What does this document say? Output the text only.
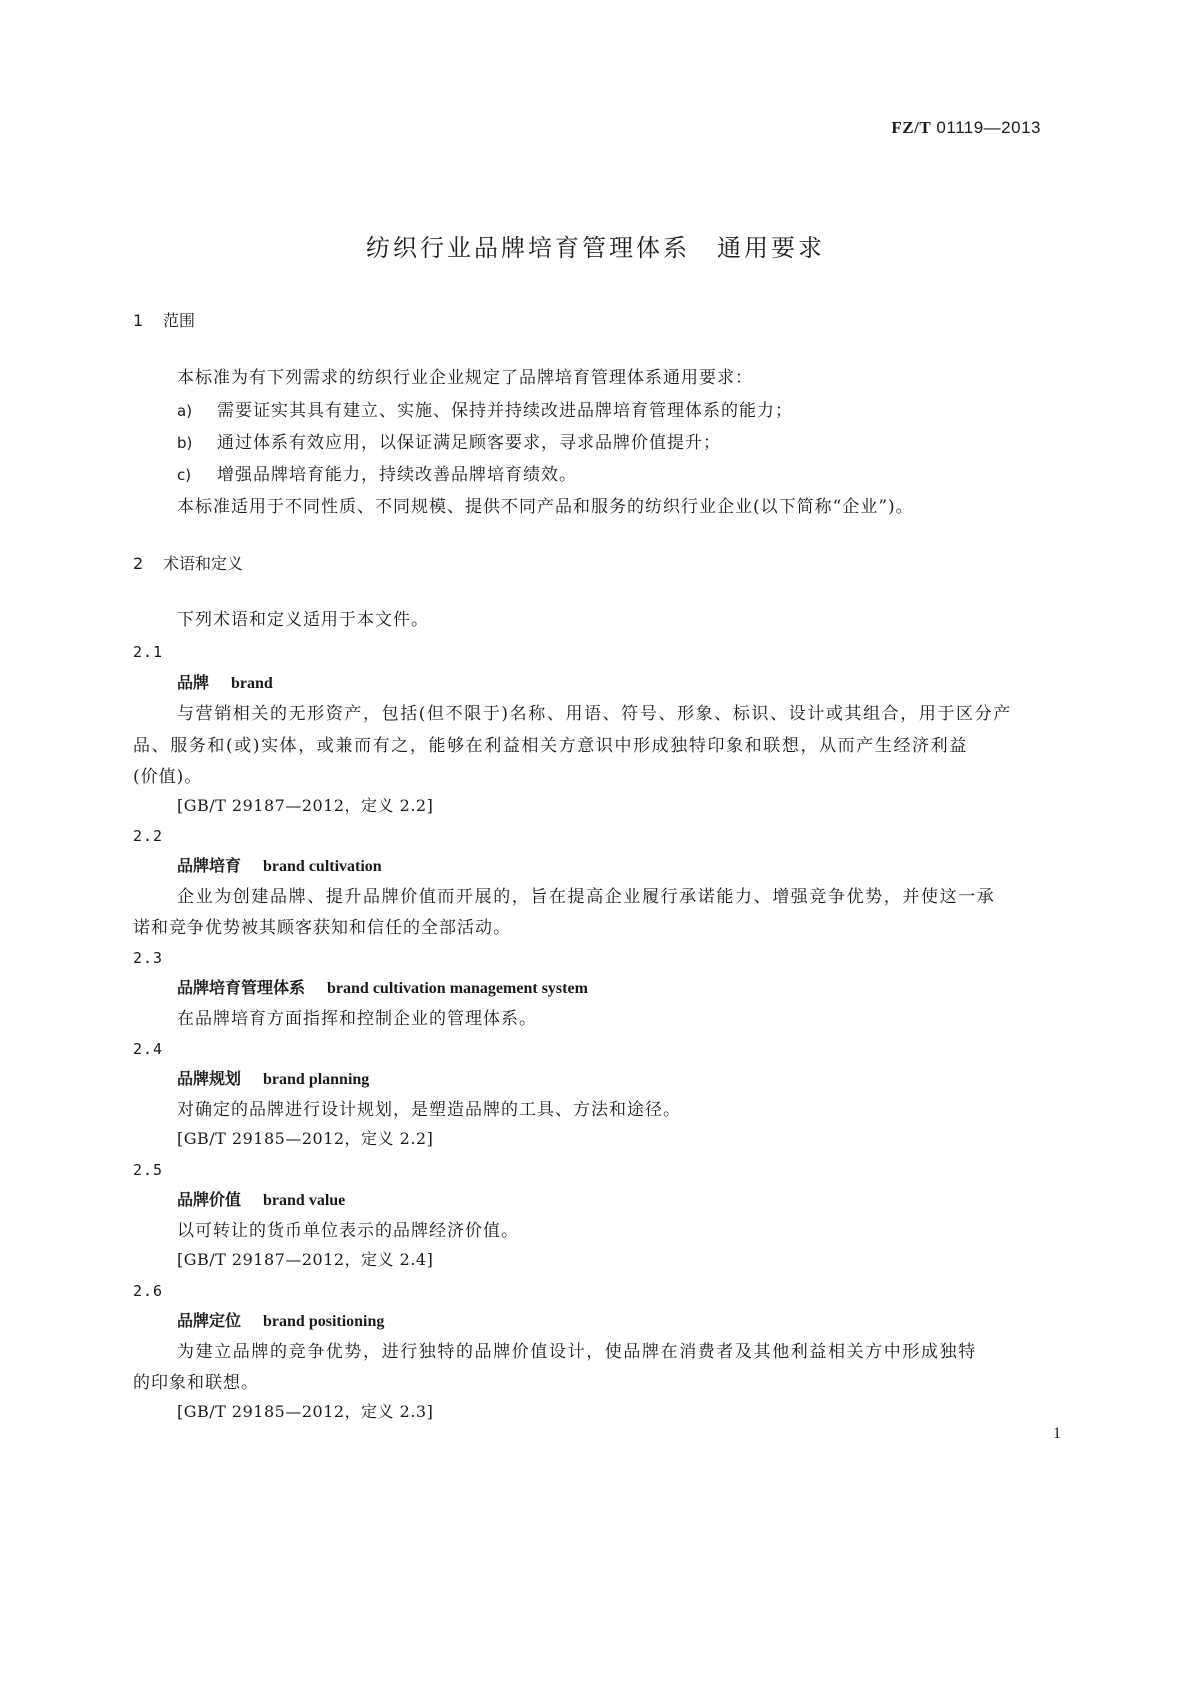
FZ/T 01119—2013
纺织行业品牌培育管理体系　通用要求
1 范围
本标准为有下列需求的纺织行业企业规定了品牌培育管理体系通用要求：
a) 需要证实其具有建立、实施、保持并持续改进品牌培育管理体系的能力；
b) 通过体系有效应用，以保证满足顾客要求，寻求品牌价值提升；
c) 增强品牌培育能力，持续改善品牌培育绩效。
本标准适用于不同性质、不同规模、提供不同产品和服务的纺织行业企业(以下简称“企业”)。
2 术语和定义
下列术语和定义适用于本文件。
2.1
品牌 brand
与营销相关的无形资产，包括(但不限于)名称、用语、符号、形象、标识、设计或其组合，用于区分产
品、服务和(或)实体，或兼而有之，能够在利益相关方意识中形成独特印象和联想，从而产生经济利益
(价值)。
[GB/T 29187—2012，定义 2.2]
2.2
品牌培育 brand cultivation
企业为创建品牌、提升品牌价值而开展的，旨在提高企业履行承诺能力、增强竞争优势，并使这一承
诺和竞争优势被其顾客获知和信任的全部活动。
2.3
品牌培育管理体系 brand cultivation management system
在品牌培育方面指挥和控制企业的管理体系。
2.4
品牌规划 brand planning
对确定的品牌进行设计规划，是塑造品牌的工具、方法和途径。
[GB/T 29185—2012，定义 2.2]
2.5
品牌价值 brand value
以可转让的货币单位表示的品牌经济价值。
[GB/T 29187—2012，定义 2.4]
2.6
品牌定位 brand positioning
为建立品牌的竞争优势，进行独特的品牌价值设计，使品牌在消费者及其他利益相关方中形成独特
的印象和联想。
[GB/T 29185—2012，定义 2.3]
1
